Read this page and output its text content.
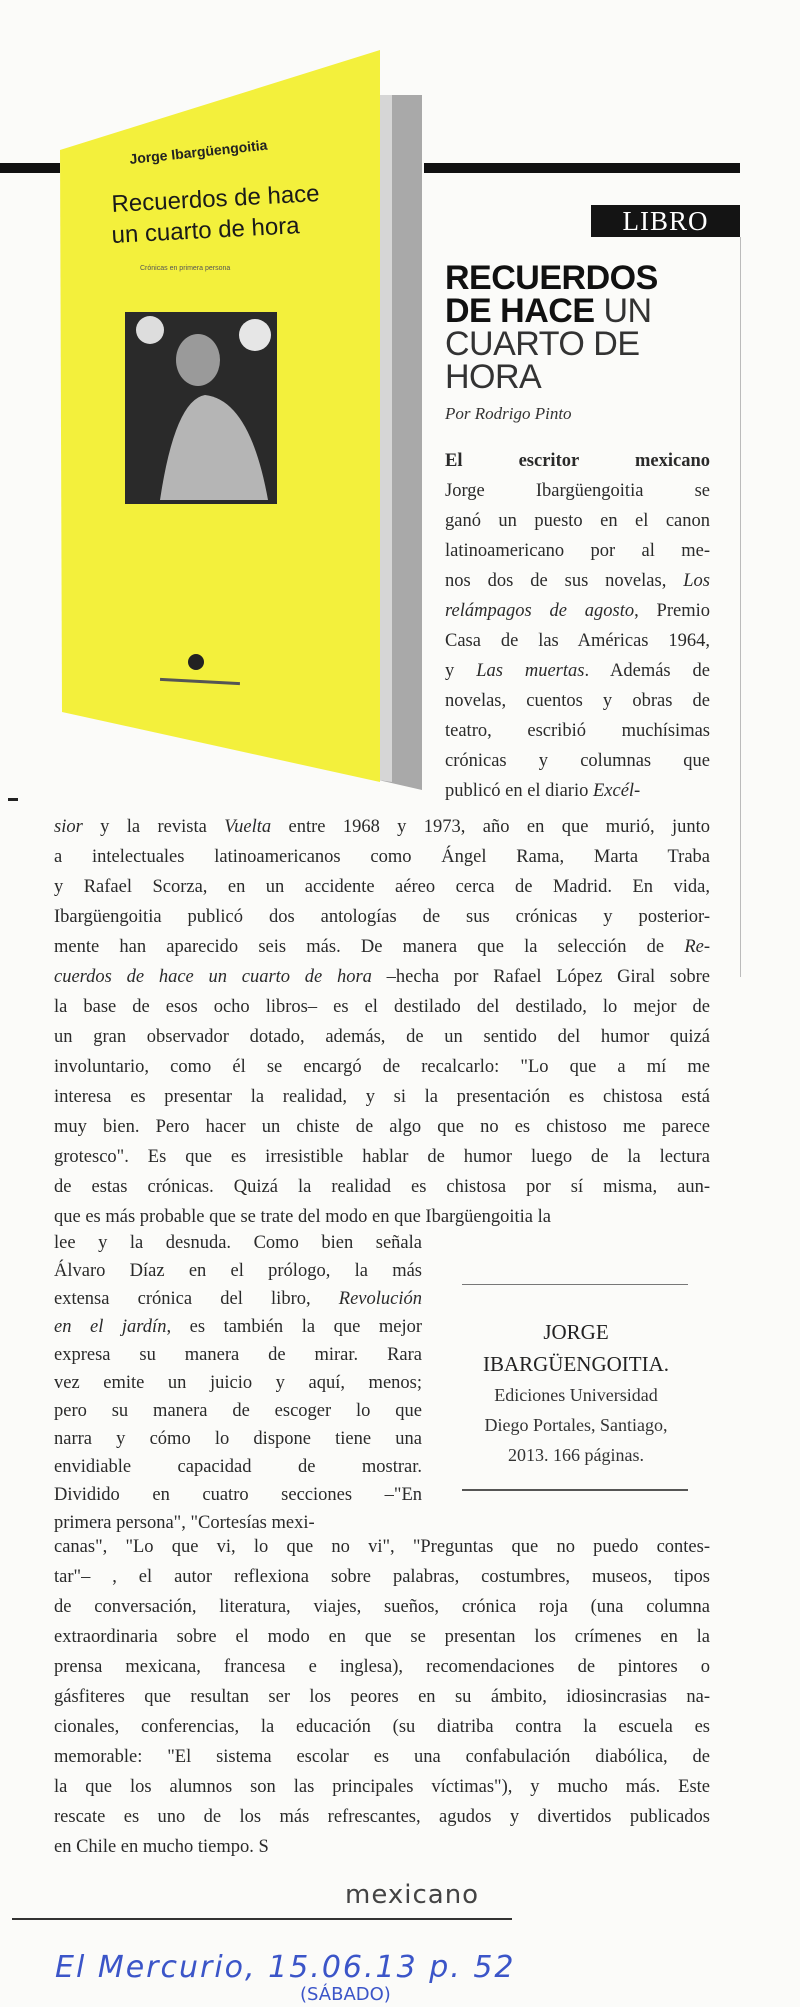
Jorge Ibargüengoitia
Recuerdos de hace
un cuarto de hora
Crónicas en primera persona
LIBRO
RECUERDOS
DE HACE UN
CUARTO DE
HORA
Por Rodrigo Pinto
El escritor mexicano
Jorge Ibargüengoitia se
ganó un puesto en el canon
latinoamericano por al me-
nos dos de sus novelas, Los
relámpagos de agosto, Premio
Casa de las Américas 1964,
y Las muertas. Además de
novelas, cuentos y obras de
teatro, escribió muchísimas
crónicas y columnas que
publicó en el diario Excél-
sior y la revista Vuelta entre 1968 y 1973, año en que murió, junto
a intelectuales latinoamericanos como Ángel Rama, Marta Traba
y Rafael Scorza, en un accidente aéreo cerca de Madrid. En vida,
Ibargüengoitia publicó dos antologías de sus crónicas y posterior-
mente han aparecido seis más. De manera que la selección de Re-
cuerdos de hace un cuarto de hora –hecha por Rafael López Giral sobre
la base de esos ocho libros– es el destilado del destilado, lo mejor de
un gran observador dotado, además, de un sentido del humor quizá
involuntario, como él se encargó de recalcarlo: "Lo que a mí me
interesa es presentar la realidad, y si la presentación es chistosa está
muy bien. Pero hacer un chiste de algo que no es chistoso me parece
grotesco". Es que es irresistible hablar de humor luego de la lectura
de estas crónicas. Quizá la realidad es chistosa por sí misma, aun-
que es más probable que se trate del modo en que Ibargüengoitia la
lee y la desnuda. Como bien señala
Álvaro Díaz en el prólogo, la más
extensa crónica del libro, Revolución
en el jardín, es también la que mejor
expresa su manera de mirar. Rara
vez emite un juicio y aquí, menos;
pero su manera de escoger lo que
narra y cómo lo dispone tiene una
envidiable capacidad de mostrar.
Dividido en cuatro secciones –"En
primera persona", "Cortesías mexi-
canas", "Lo que vi, lo que no vi", "Preguntas que no puedo contes-
tar"– , el autor reflexiona sobre palabras, costumbres, museos, tipos
de conversación, literatura, viajes, sueños, crónica roja (una columna
extraordinaria sobre el modo en que se presentan los crímenes en la
prensa mexicana, francesa e inglesa), recomendaciones de pintores o
gásfiteres que resultan ser los peores en su ámbito, idiosincrasias na-
cionales, conferencias, la educación (su diatriba contra la escuela es
memorable: "El sistema escolar es una confabulación diabólica, de
la que los alumnos son las principales víctimas"), y mucho más. Este
rescate es uno de los más refrescantes, agudos y divertidos publicados
en Chile en mucho tiempo. S
JORGE
IBARGÜENGOITIA.
Ediciones Universidad
Diego Portales, Santiago,
2013. 166 páginas.
mexicano
El Mercurio, 15.06.13 p. 52
(SÁBADO)
